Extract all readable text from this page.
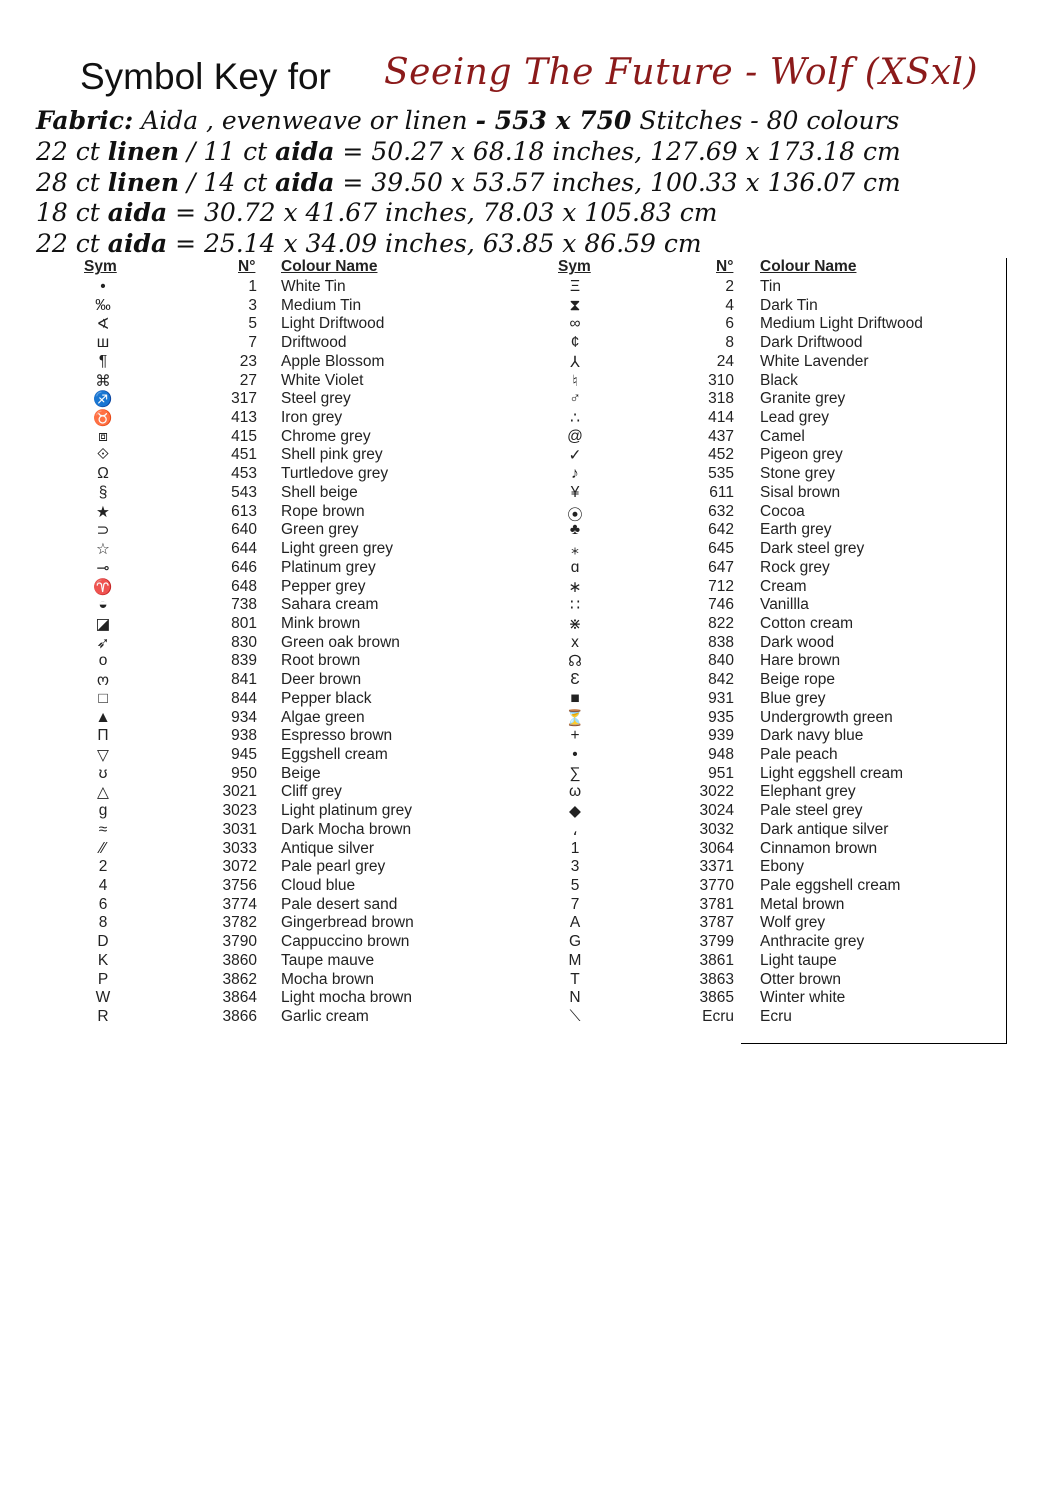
Symbol Key for Seeing The Future - Wolf (XSxl)
Fabric: Aida , evenweave or linen - 553 x 750 Stitches - 80 colours
22 ct linen / 11 ct aida = 50.27 x 68.18 inches, 127.69 x 173.18 cm
28 ct linen / 14 ct aida = 39.50 x 53.57 inches, 100.33 x 136.07 cm
18 ct aida = 30.72 x 41.67 inches, 78.03 x 105.83 cm
22 ct aida = 25.14 x 34.09 inches, 63.85 x 86.59 cm
Sym	N° Colour Name
•	1 White Tin
‰	3 Medium Tin
∢	5 Light Driftwood
ш	7 Driftwood
¶	23 Apple Blossom
⌘	27 White Violet
♐	317 Steel grey
♉	413 Iron grey
⧈	415 Chrome grey
⟐	451 Shell pink grey
Ω	453 Turtledove grey
§	543 Shell beige
★	613 Rope brown
⊃	640 Green grey
☆	644 Light green grey
⊸	646 Platinum grey
♈	648 Pepper grey
◒	738 Sahara cream
◪	801 Mink brown
➶	830 Green oak brown
o	839 Root brown
ო	841 Deer brown
□	844 Pepper black
▲	934 Algae green
Π	938 Espresso brown
▽	945 Eggshell cream
ʊ	950 Beige
△	3021 Cliff grey
g	3023 Light platinum grey
≈	3031 Dark Mocha brown
⁄⁄	3033 Antique silver
2	3072 Pale pearl grey
4	3756 Cloud blue
6	3774 Pale desert sand
8	3782 Gingerbread brown
D	3790 Cappuccino brown
K	3860 Taupe mauve
P	3862 Mocha brown
W	3864 Light mocha brown
R	3866 Garlic cream
Sym	N° Colour Name
Ξ	2 Tin
⧗	4 Dark Tin
∞	6 Medium Light Driftwood
¢	8 Dark Driftwood
⅄	24 White Lavender
♮	310 Black
♂	318 Granite grey
∴	414 Lead grey
@	437 Camel
✓	452 Pigeon grey
♪	535 Stone grey
¥	611 Sisal brown
⦿	632 Cocoa
♣	642 Earth grey
⁎	645 Dark steel grey
ɑ	647 Rock grey
∗	712 Cream
∷	746 Vanillla
⋇	822 Cotton cream
x	838 Dark wood
☊	840 Hare brown
Ɛ	842 Beige rope
■	931 Blue grey
⏳	935 Undergrowth green
+	939 Dark navy blue
•	948 Pale peach
∑	951 Light eggshell cream
ω	3022 Elephant grey
◆	3024 Pale steel grey
،	3032 Dark antique silver
1	3064 Cinnamon brown
3	3371 Ebony
5	3770 Pale eggshell cream
7	3781 Metal brown
A	3787 Wolf grey
G	3799 Anthracite grey
M	3861 Light taupe
T	3863 Otter brown
N	3865 Winter white
⟍	Ecru Ecru
